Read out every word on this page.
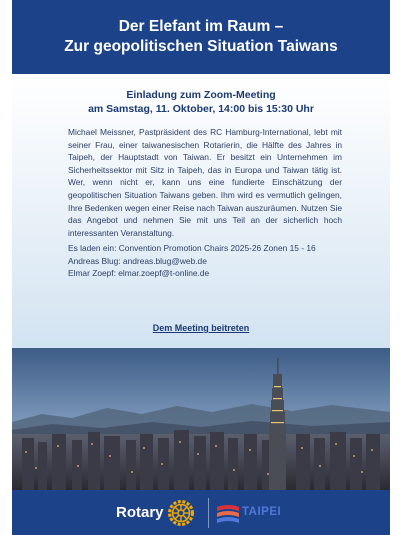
Der Elefant im Raum –
Zur geopolitischen Situation Taiwans
Einladung zum Zoom-Meeting
am Samstag, 11. Oktober, 14:00 bis 15:30 Uhr

Michael Meissner, Pastpräsident des RC Hamburg-International, lebt mit seiner Frau, einer taiwanesischen Rotarierin, die Hälfte des Jahres in Taipeh, der Hauptstadt von Taiwan. Er besitzt ein Unternehmen im Sicherheitssektor mit Sitz in Taipeh, das in Europa und Taiwan tätig ist. Wer, wenn nicht er, kann uns eine fundierte Einschätzung der geopolitischen Situation Taiwans geben. Ihm wird es vermutlich gelingen, Ihre Bedenken wegen einer Reise nach Taiwan auszuräumen. Nutzen Sie das Angebot und nehmen Sie mit uns Teil an der sicherlich hoch interessanten Veranstaltung.

Es laden ein: Convention Promotion Chairs 2025-26 Zonen 15 - 16
Andreas Blug: andreas.blug@web.de
Elmar Zoepf: elmar.zoepf@t-online.de
Dem Meeting beitreten
Rotary	TAIPEI
